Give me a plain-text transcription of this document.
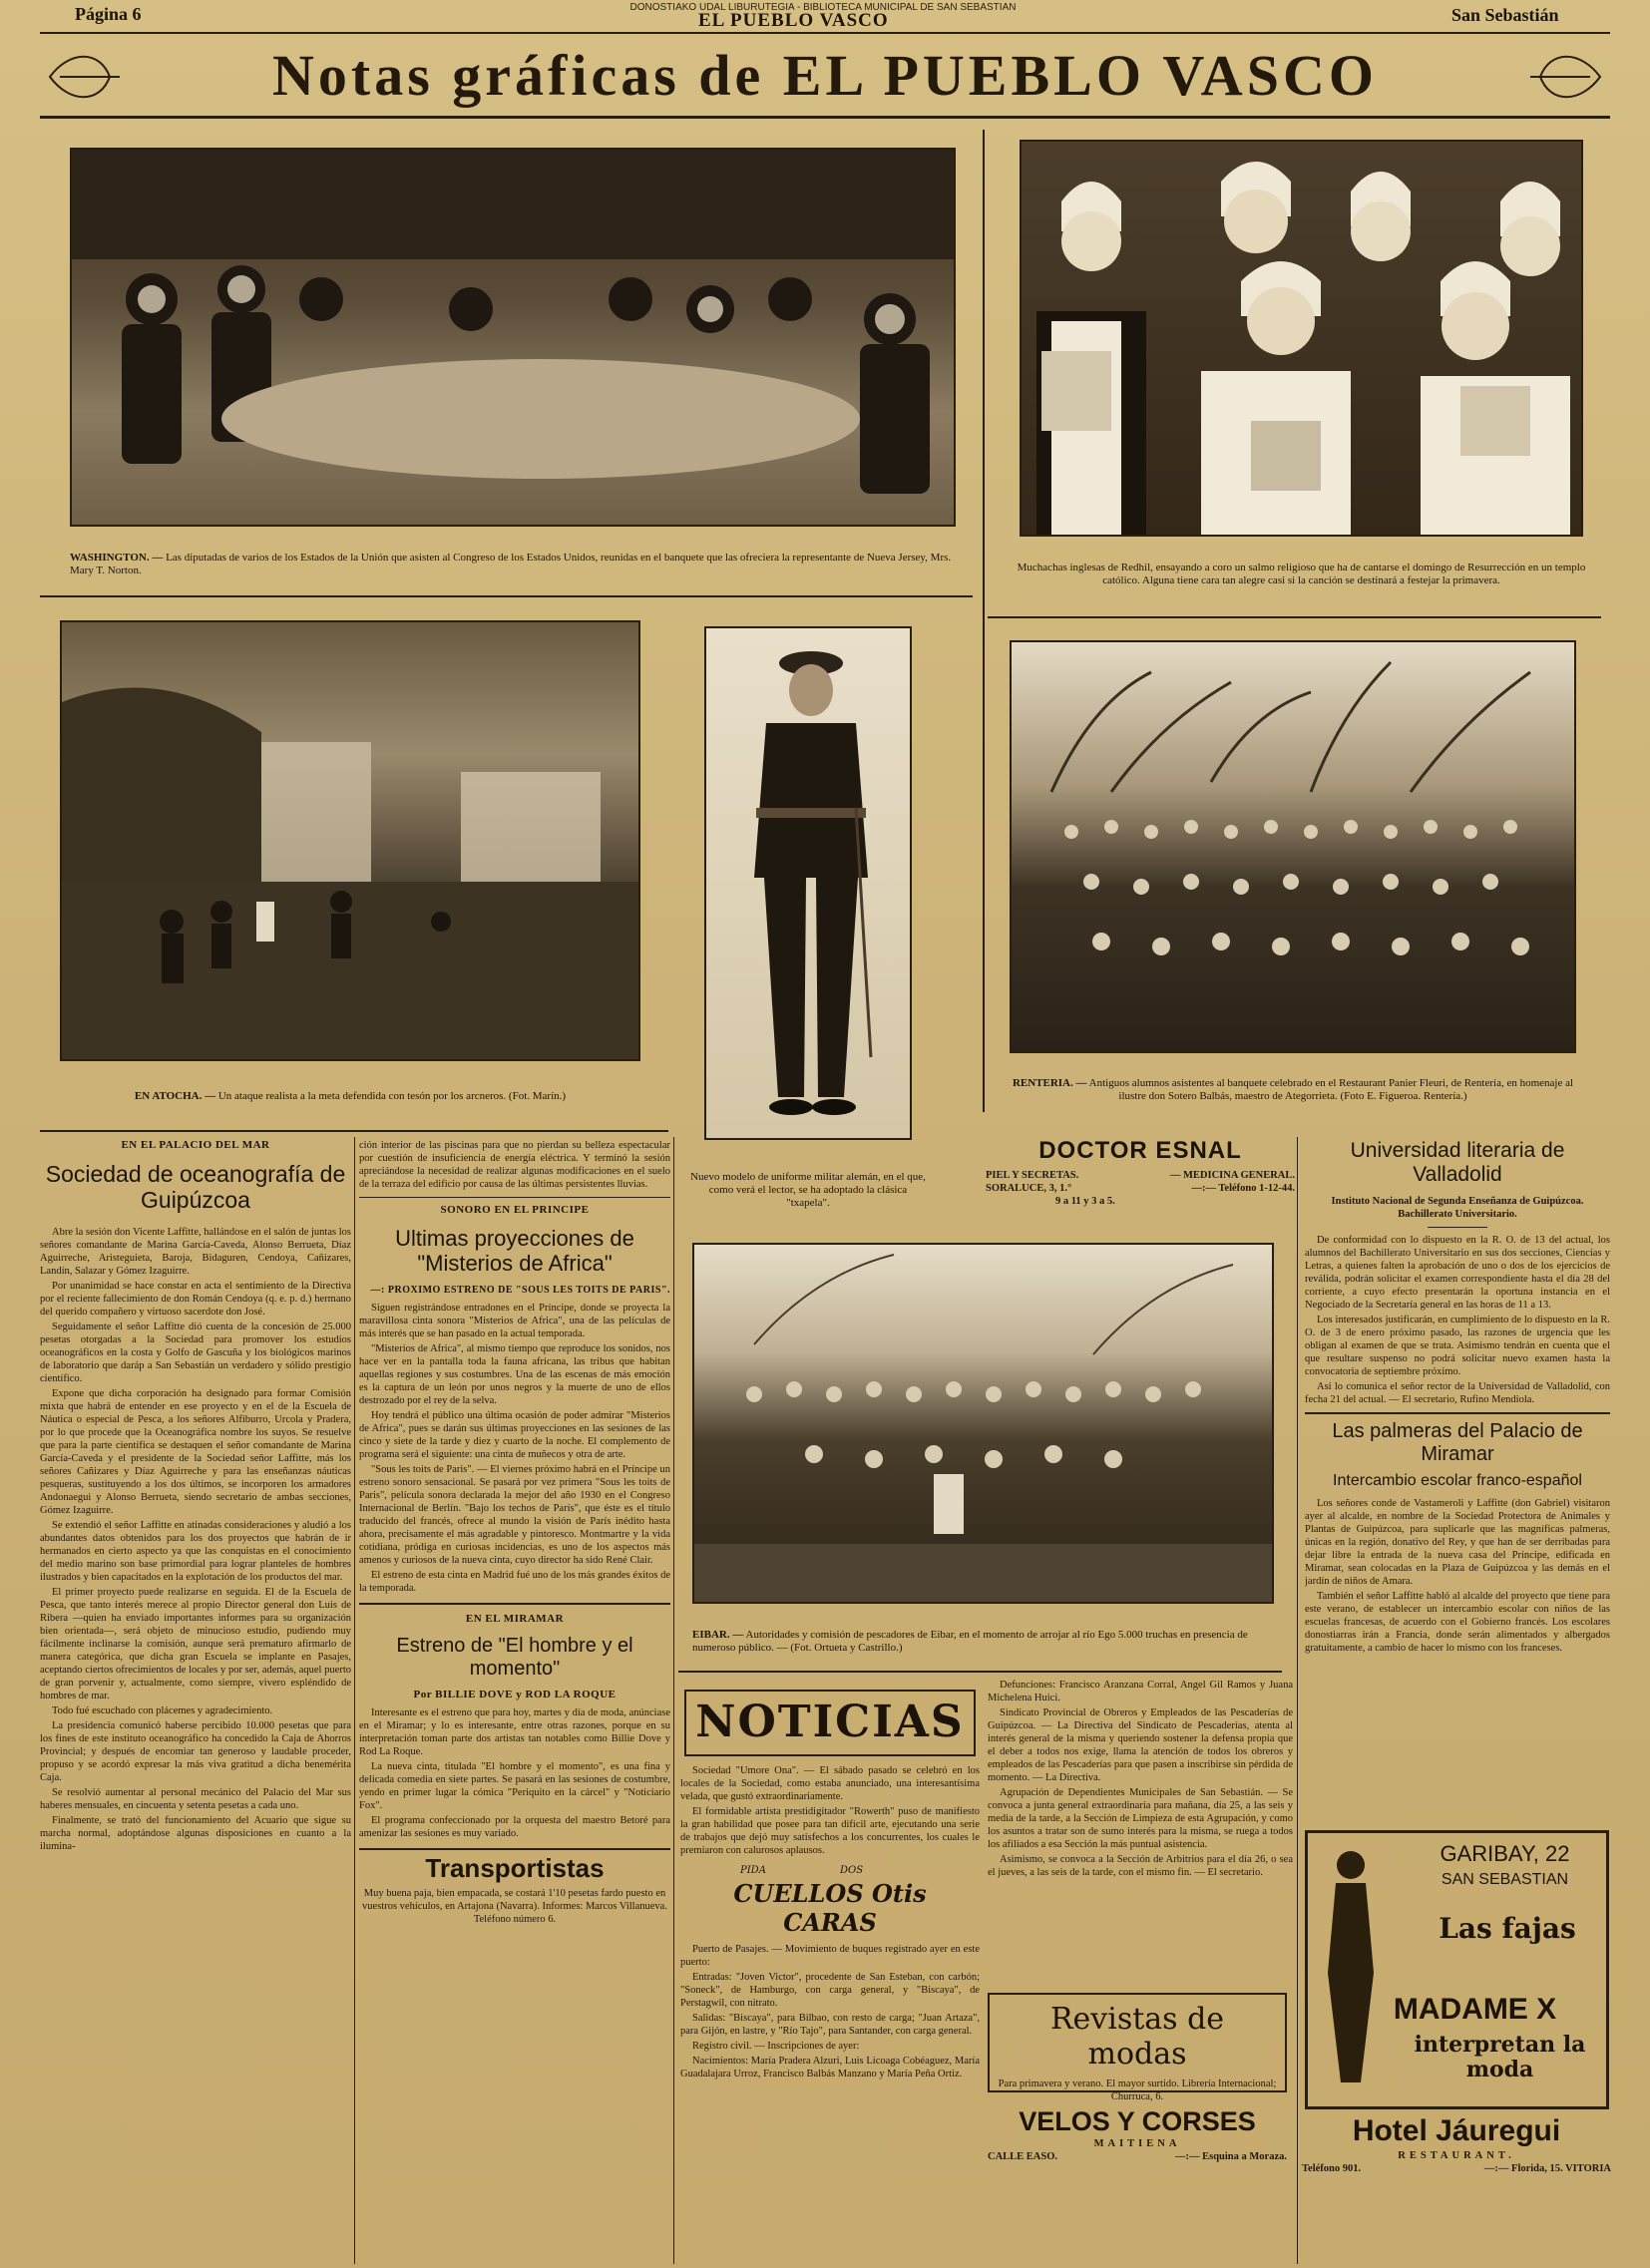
Página 6	DONOSTIAKO UDAL LIBURUTEGIA - BIBLIOTECA MUNICIPAL DE SAN SEBASTIAN
EL PUEBLO VASCO	San Sebastián
Notas gráficas de EL PUEBLO VASCO
WASHINGTON. — Las diputadas de varios de los Estados de la Unión que asisten al Congreso de los Estados Unidos, reunidas en el banquete que las ofreciera la representante de Nueva Jersey, Mrs. Mary T. Norton.	Muchachas inglesas de Redhil, ensayando a coro un salmo religioso que ha de cantarse el domingo de Resurrección en un templo católico. Alguna tiene cara tan alegre casi si la canción se destinará a festejar la primavera.
EN ATOCHA. — Un ataque realista a la meta defendida con tesón por los arcneros. (Fot. Marín.)
Nuevo modelo de uniforme militar alemán, en el que, como verá el lector, se ha adoptado la clásica "txapela".
RENTERIA. — Antiguos alumnos asistentes al banquete celebrado en el Restaurant Panier Fleuri, de Rentería, en homenaje al ilustre don Sotero Balbás, maestro de Ategorrieta. (Foto E. Figueroa. Rentería.)
EN EL PALACIO DEL MAR
Sociedad de oceanografía de Guipúzcoa

Abre la sesión don Vicente Laffitte, hallándose en el salón de juntas los señores comandante de Marina García-Caveda, Alonso Berrueta, Díaz Aguirreche, Aristeguieta, Baroja, Bidaguren, Cendoya, Cañizares, Landín, Salazar y Gómez Izaguirre.

Por unanimidad se hace constar en acta el sentimiento de la Directiva por el reciente fallecimiento de don Román Cendoya (q. e. p. d.) hermano del querido compañero y virtuoso sacerdote don José.

Seguidamente el señor Laffitte dió cuenta de la concesión de 25.000 pesetas otorgadas a la Sociedad para promover los estudios oceanográficos en la costa y Golfo de Gascuña y los biológicos marinos de laboratorio que daráp a San Sebastián un verdadero y sólido prestigio científico.

Expone que dicha corporación ha designado para formar Comisión mixta que habrá de entender en ese proyecto y en el de la Escuela de Náutica o especial de Pesca, a los señores Alfiburro, Urcola y Pradera, por lo que procede que la Oceanográfica nombre los suyos. Se resuelve que para la parte científica se destaquen el señor comandante de Marina García-Caveda y el presidente de la Sociedad señor Laffitte, más los señores Cañizares y Díaz Aguirreche y para las enseñanzas náuticas pesqueras, sustituyendo a los dos últimos, se incorporen los armadores Andonaegui y Alonso Berrueta, siendo secretario de ambas secciones, Gómez Izaguirre.

Se extendió el señor Laffitte en atinadas consideraciones y aludió a los abundantes datos obtenidos para los dos proyectos que habrán de ir hermanados en cierto aspecto ya que las conquistas en el conocimiento del medio marino son base primordial para lograr planteles de hombres ilustrados y bien capacitados en la explotación de los productos del mar.

El primer proyecto puede realizarse en seguida. El de la Escuela de Pesca, que tanto interés merece al propio Director general don Luis de Ribera —quien ha enviado importantes informes para su organización bien orientada—, será objeto de minucioso estudio, pudiendo muy fácilmente inclinarse la comisión, aunque será prematuro afirmarlo de manera categórica, que dicha gran Escuela se implante en Pasajes, aceptando ciertos ofrecimientos de locales y por ser, además, aquel puerto de gran porvenir y, actualmente, como siempre, vivero espléndido de hombres de mar.

Todo fué escuchado con plácemes y agradecimiento.

La presidencia comunicó haberse percibido 10.000 pesetas que para los fines de este instituto oceanográfico ha concedido la Caja de Ahorros Provincial; y después de encomiar tan generoso y laudable proceder, propuso y se acordó expresar la más viva gratitud a dicha benemérita Caja.

Se resolvió aumentar al personal mecánico del Palacio del Mar sus haberes mensuales, en cincuenta y setenta pesetas a cada uno.

Finalmente, se trató del funcionamiento del Acuario que sigue su marcha normal, adoptándose algunas disposiciones en cuanto a la ilumina-

ción interior de las piscinas para que no pierdan su belleza espectacular por cuestión de insuficiencia de energía eléctrica. Y terminó la sesión apreciándose la necesidad de realizar algunas modificaciones en el suelo de la terraza del edificio por causa de las últimas persistentes lluvias.
SONORO EN EL PRINCIPE
Ultimas proyecciones de "Misterios de Africa"
—: PROXIMO ESTRENO DE "SOUS LES TOITS DE PARIS".

Siguen registrándose entradones en el Príncipe, donde se proyecta la maravillosa cinta sonora "Misterios de Africa", una de las películas de más interés que se han pasado en la actual temporada.

"Misterios de Africa", al mismo tiempo que reproduce los sonidos, nos hace ver en la pantalla toda la fauna africana, las tribus que habitan aquellas regiones y sus costumbres. Una de las escenas de más emoción es la captura de un león por unos negros y la muerte de uno de ellos destrozado por el rey de la selva.

Hoy tendrá el público una última ocasión de poder admirar "Misterios de Africa", pues se darán sus últimas proyecciones en las sesiones de las cinco y siete de la tarde y diez y cuarto de la noche. El complemento de programa será el siguiente: una cinta de muñecos y otra de arte.

"Sous les toits de Paris". — El viernes próximo habrá en el Príncipe un estreno sonoro sensacional. Se pasará por vez primera "Sous les toits de Paris", película sonora declarada la mejor del año 1930 en el Congreso Internacional de Berlín. "Bajo los techos de París", que éste es el título traducido del francés, ofrece al mundo la visión de París inédito hasta ahora, precisamente el más agradable y pintoresco. Montmartre y la vida cotidiana, pródiga en curiosas incidencias, es uno de los aspectos más amenos y curiosos de la nueva cinta, cuyo director ha sido René Clair.

El estreno de esta cinta en Madrid fué uno de los más grandes éxitos de la temporada.

EN EL MIRAMAR
Estreno de "El hombre y el momento"
Por BILLIE DOVE y ROD LA ROQUE

Interesante es el estreno que para hoy, martes y día de moda, anúnciase en el Miramar; y lo es interesante, entre otras razones, porque en su interpretación toman parte dos artistas tan notables como Billie Dove y Rod La Roque.

La nueva cinta, titulada "El hombre y el momento", es una fina y delicada comedia en siete partes. Se pasará en las sesiones de costumbre, yendo en primer lugar la cómica "Periquito en la cárcel" y "Noticiario Fox".

El programa confeccionado por la orquesta del maestro Betoré para amenizar las sesiones es muy variado.

Transportistas
Muy buena paja, bien empacada, se costará 1'10 pesetas fardo puesto en vuestros vehículos, en Artajona (Navarra). Informes: Marcos Villanueva. Teléfono número 6.
EIBAR. — Autoridades y comisión de pescadores de Eibar, en el momento de arrojar al río Ego 5.000 truchas en presencia de numeroso público. — (Fot. Ortueta y Castrillo.)
DOCTOR ESNAL
PIEL Y SECRETAS.	— MEDICINA GENERAL.
SORALUCE, 3, 1.°	—:— Teléfono 1-12-44.
9 a 11 y 3 a 5.
Universidad literaria de Valladolid
Instituto Nacional de Segunda Enseñanza de Guipúzcoa. Bachillerato Universitario.

De conformidad con lo dispuesto en la R. O. de 13 del actual, los alumnos del Bachillerato Universitario en sus dos secciones, Ciencias y Letras, a quienes falten la aprobación de uno o dos de los ejercicios de reválida, podrán solicitar el examen correspondiente hasta el día 28 del corriente, a cuyo efecto presentarán la oportuna instancia en el Negociado de la Secretaría general en las horas de 11 a 13.

Los interesados justificarán, en cumplimiento de lo dispuesto en la R. O. de 3 de enero próximo pasado, las razones de urgencia que les obligan al examen de que se trata. Asimismo tendrán en cuenta que el que resultare suspenso no podrá solicitar nuevo examen hasta la convocatoria de septiembre próximo.

Así lo comunica el señor rector de la Universidad de Valladolid, con fecha 21 del actual. — El secretario, Rufino Mendiola.

Las palmeras del Palacio de Miramar
Intercambio escolar franco-español

Los señores conde de Vastameroli y Laffitte (don Gabriel) visitaron ayer al alcalde, en nombre de la Sociedad Protectora de Animales y Plantas de Guipúzcoa, para suplicarle que las magníficas palmeras, únicas en la región, donativo del Rey, y que han de ser derribadas para dejar libre la entrada de la nueva casa del Príncipe, edificada en Miramar, sean colocadas en la Plaza de Guipúzcoa y las demás en el jardín de niños de Amara.

También el señor Laffitte habló al alcalde del proyecto que tiene para este verano, de establecer un intercambio escolar con niños de las escuelas francesas, de acuerdo con el Gobierno francés. Los escolares donostiarras irán a Francia, donde serán alimentados y albergados gratuitamente, a cambio de hacer lo mismo con los franceses.

NOTICIAS

Sociedad "Umore Ona". — El sábado pasado se celebró en los locales de la Sociedad, como estaba anunciado, una interesantísima velada, que gustó extraordinariamente.

El formidable artista prestidigitador "Rowerth" puso de manifiesto la gran habilidad que posee para tan difícil arte, ejecutando una serie de trabajos que dejó muy satisfechos a los concurrentes, los cuales le premiaron con calurosos aplausos.

PIDA	DOS
CUELLOS Otis CARAS

Puerto de Pasajes. — Movimiento de buques registrado ayer en este puerto:

Entradas: "Joven Victor", procedente de San Esteban, con carbón; "Soneck", de Hamburgo, con carga general, y "Biscaya", de Perstagwil, con nitrato.

Salidas: "Biscaya", para Bilbao, con resto de carga; "Juan Artaza", para Gijón, en lastre, y "Río Tajo", para Santander, con carga general.

Registro civil. — Inscripciones de ayer:

Nacimientos: María Pradera Alzuri, Luis Licoaga Cobéaguez, María Guadalajara Urroz, Francisco Balbás Manzano y María Peña Ortiz.

Defunciones: Francisco Aranzana Corral, Angel Gil Ramos y Juana Michelena Huici.

Sindicato Provincial de Obreros y Empleados de las Pescaderías de Guipúzcoa. — La Directiva del Sindicato de Pescaderías, atenta al interés general de la misma y queriendo sostener la defensa propia que el deber a todos nos exige, llama la atención de todos los obreros y empleados de las Pescaderías para que pasen a inscribirse sin pérdida de momento. — La Directiva.

Agrupación de Dependientes Municipales de San Sebastián. — Se convoca a junta general extraordinaria para mañana, día 25, a las seis y media de la tarde, a la Sección de Limpieza de esta Agrupación, y como los asuntos a tratar son de sumo interés para la misma, se ruega a todos los afiliados a esa Sección la más puntual asistencia.

Asimismo, se convoca a la Sección de Arbitrios para el día 26, o sea el jueves, a las seis de la tarde, con el mismo fin. — El secretario.

Revistas de modas
Para primavera y verano. El mayor surtido. Librería Internacional; Churruca, 6.
VELOS Y CORSES
MAITIENA
CALLE EASO.	—:— Esquina a Moraza.
GARIBAY, 22
SAN SEBASTIAN
Las fajas
MADAME X
interpretan la moda
Hotel Jáuregui
RESTAURANT.
Teléfono 901.	—:— Florida, 15. VITORIA
